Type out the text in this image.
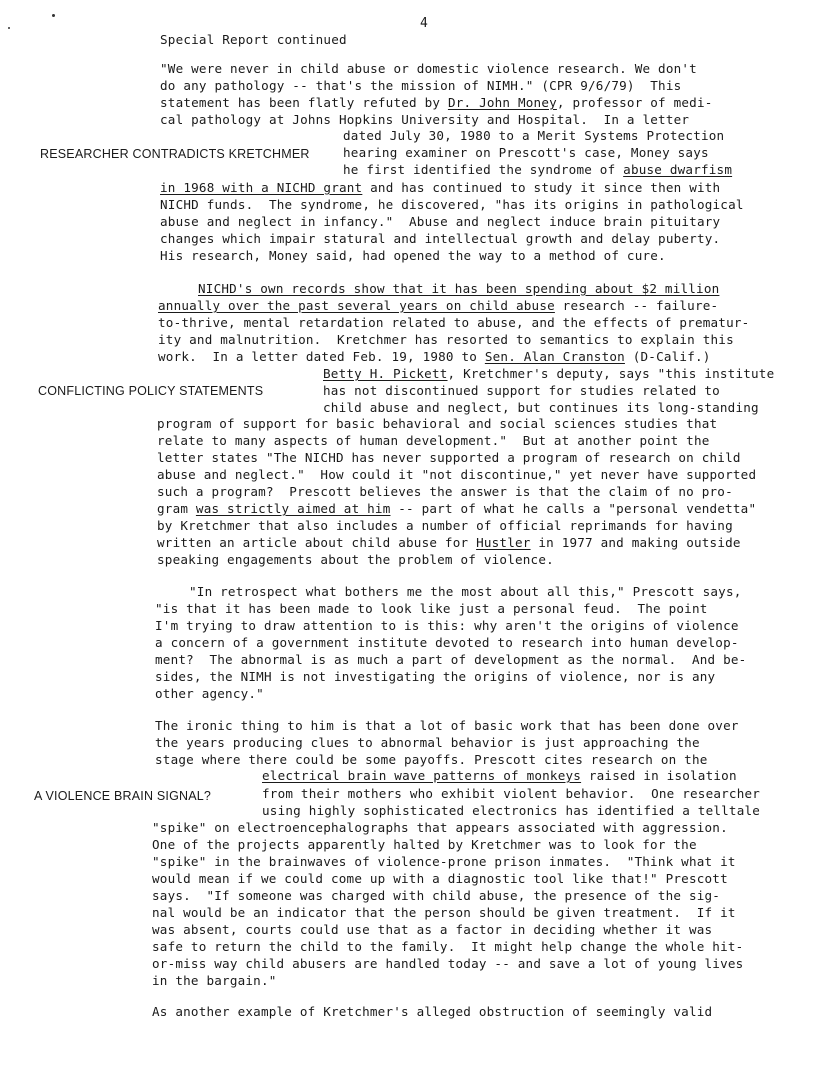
4
Special Report continued
"We were never in child abuse or domestic violence research. We don't
do any pathology -- that's the mission of NIMH." (CPR 9/6/79)  This
statement has been flatly refuted by Dr. John Money, professor of medi-
cal pathology at Johns Hopkins University and Hospital.  In a letter
dated July 30, 1980 to a Merit Systems Protection
RESEARCHER CONTRADICTS KRETCHMER	hearing examiner on Prescott's case, Money says
he first identified the syndrome of abuse dwarfism
in 1968 with a NICHD grant and has continued to study it since then with
NICHD funds.  The syndrome, he discovered, "has its origins in pathological
abuse and neglect in infancy."  Abuse and neglect induce brain pituitary
changes which impair statural and intellectual growth and delay puberty.
His research, Money said, had opened the way to a method of cure.
NICHD's own records show that it has been spending about $2 million
annually over the past several years on child abuse research -- failure-
to-thrive, mental retardation related to abuse, and the effects of prematur-
ity and malnutrition.  Kretchmer has resorted to semantics to explain this
work.  In a letter dated Feb. 19, 1980 to Sen. Alan Cranston (D-Calif.)
Betty H. Pickett, Kretchmer's deputy, says "this institute
CONFLICTING POLICY STATEMENTS	has not discontinued support for studies related to
child abuse and neglect, but continues its long-standing
program of support for basic behavioral and social sciences studies that
relate to many aspects of human development."  But at another point the
letter states "The NICHD has never supported a program of research on child
abuse and neglect."  How could it "not discontinue," yet never have supported
such a program?  Prescott believes the answer is that the claim of no pro-
gram was strictly aimed at him -- part of what he calls a "personal vendetta"
by Kretchmer that also includes a number of official reprimands for having
written an article about child abuse for Hustler in 1977 and making outside
speaking engagements about the problem of violence.
"In retrospect what bothers me the most about all this," Prescott says,
"is that it has been made to look like just a personal feud.  The point
I'm trying to draw attention to is this: why aren't the origins of violence
a concern of a government institute devoted to research into human develop-
ment?  The abnormal is as much a part of development as the normal.  And be-
sides, the NIMH is not investigating the origins of violence, nor is any
other agency."
The ironic thing to him is that a lot of basic work that has been done over
the years producing clues to abnormal behavior is just approaching the
stage where there could be some payoffs. Prescott cites research on the
electrical brain wave patterns of monkeys raised in isolation
A VIOLENCE BRAIN SIGNAL?	from their mothers who exhibit violent behavior.  One researcher
using highly sophisticated electronics has identified a telltale
"spike" on electroencephalographs that appears associated with aggression.
One of the projects apparently halted by Kretchmer was to look for the
"spike" in the brainwaves of violence-prone prison inmates.  "Think what it
would mean if we could come up with a diagnostic tool like that!" Prescott
says.  "If someone was charged with child abuse, the presence of the sig-
nal would be an indicator that the person should be given treatment.  If it
was absent, courts could use that as a factor in deciding whether it was
safe to return the child to the family.  It might help change the whole hit-
or-miss way child abusers are handled today -- and save a lot of young lives
in the bargain."
As another example of Kretchmer's alleged obstruction of seemingly valid
